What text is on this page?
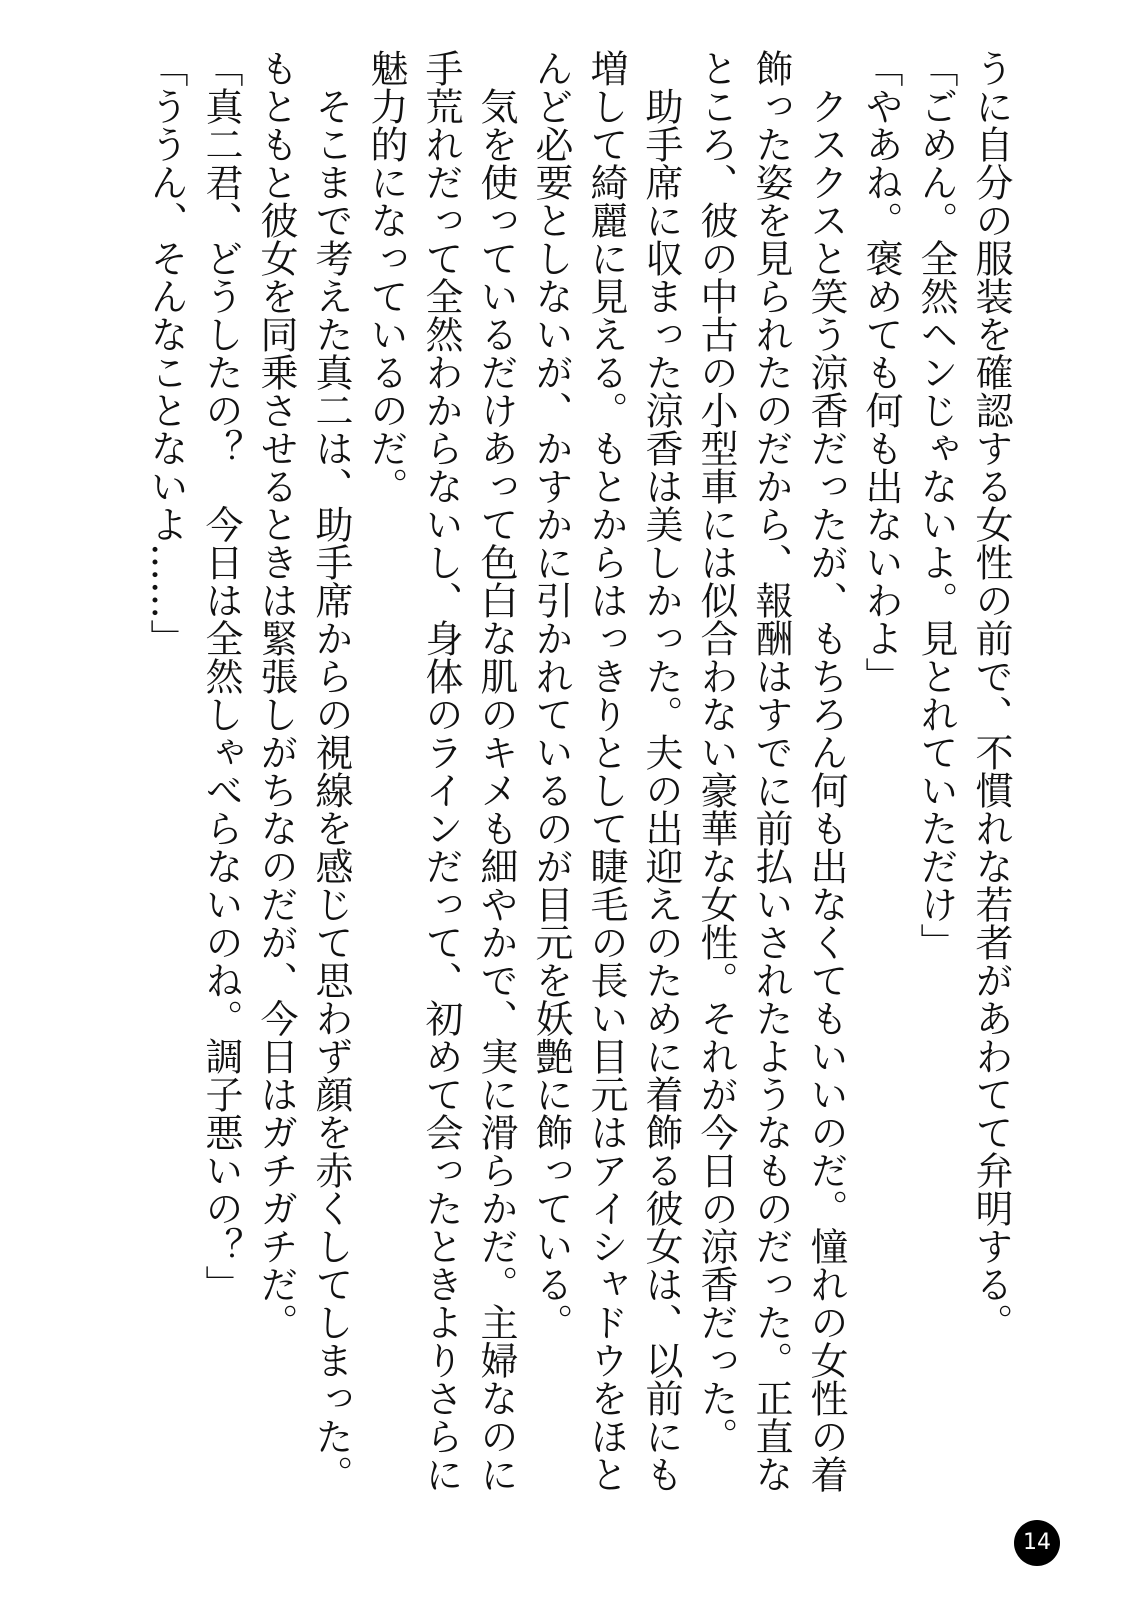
うに自分の服装を確認する女性の前で、不慣れな若者があわてて弁明する。
「ごめん。全然ヘンじゃないよ。見とれていただけ」
「やあね。褒めても何も出ないわよ」
　クスクスと笑う涼香だったが、もちろん何も出なくてもいいのだ。憧れの女性の着
飾った姿を見られたのだから、報酬はすでに前払いされたようなものだった。正直な
ところ、彼の中古の小型車には似合わない豪華な女性。それが今日の涼香だった。
　助手席に収まった涼香は美しかった。夫の出迎えのために着飾る彼女は、以前にも
増して綺麗に見える。もとからはっきりとして睫毛の長い目元はアイシャドウをほと
んど必要としないが、かすかに引かれているのが目元を妖艶に飾っている。
　気を使っているだけあって色白な肌のキメも細やかで、実に滑らかだ。主婦なのに
手荒れだって全然わからないし、身体のラインだって、初めて会ったときよりさらに
魅力的になっているのだ。
　そこまで考えた真二は、助手席からの視線を感じて思わず顔を赤くしてしまった。
もともと彼女を同乗させるときは緊張しがちなのだが、今日はガチガチだ。
「真二君、どうしたの？　今日は全然しゃべらないのね。調子悪いの？」
「ううん、そんなことないよ……」
14
